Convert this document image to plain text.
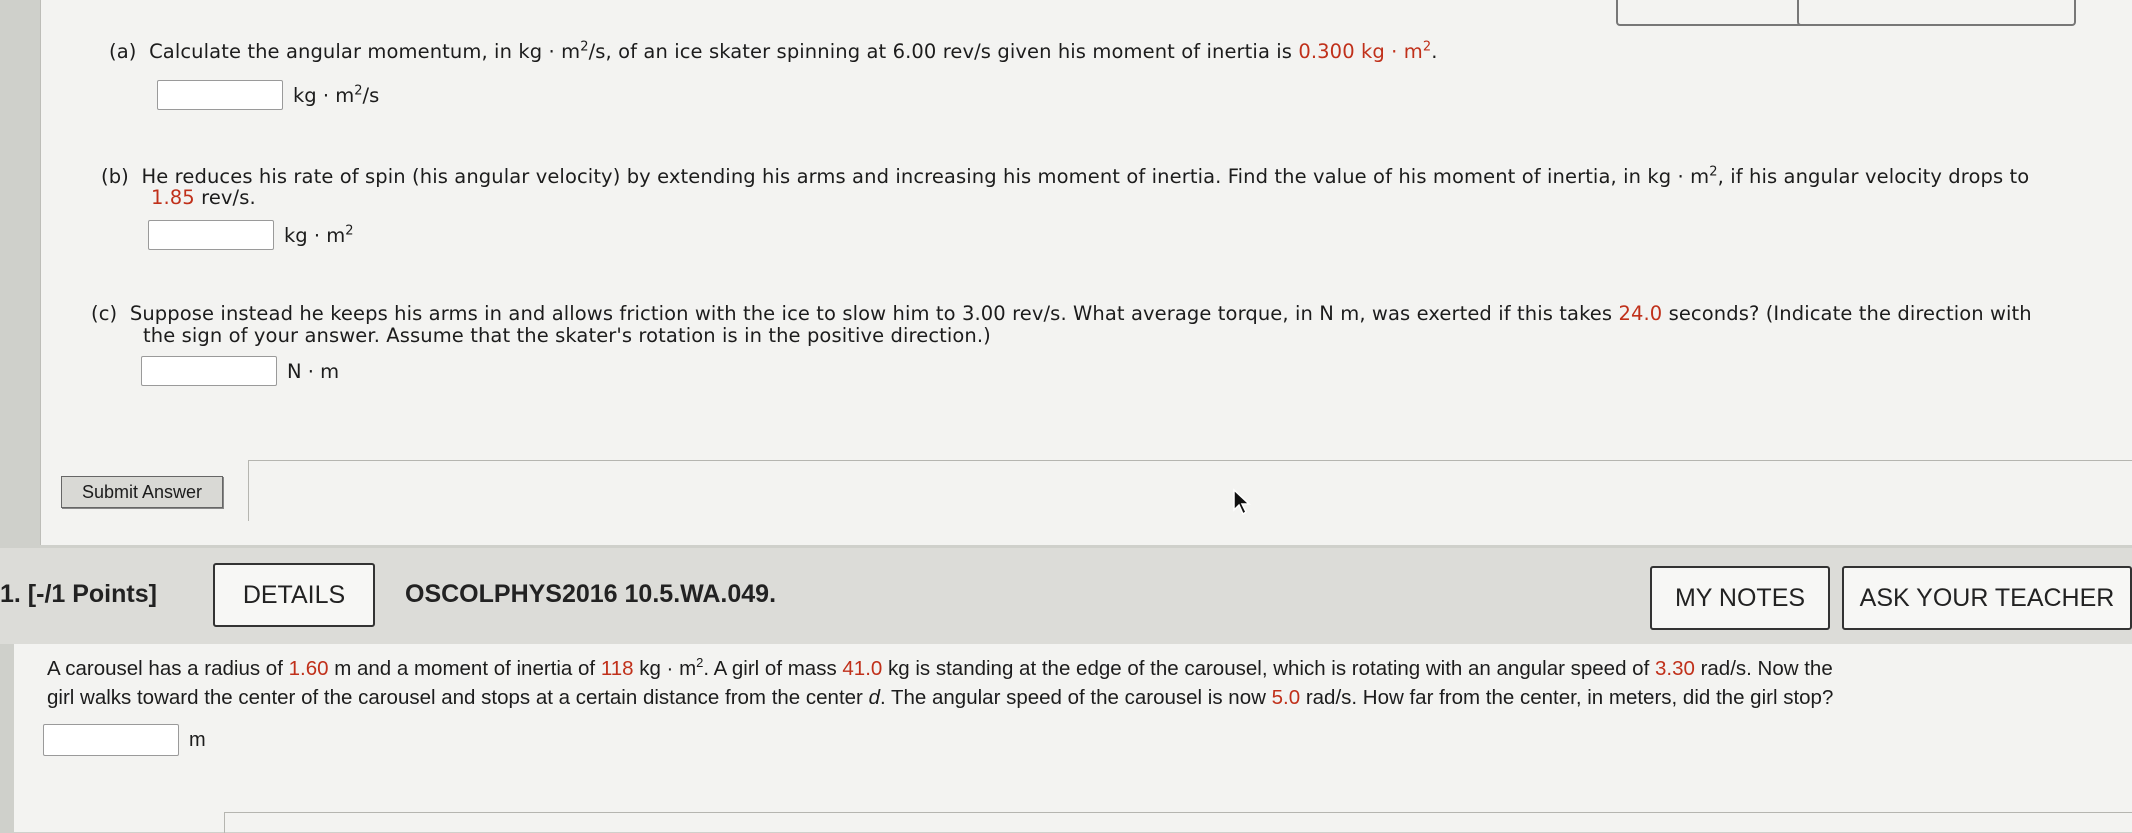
(a) Calculate the angular momentum, in kg · $m^2/s$, of an ice skater spinning at 6.00 rev/s given his moment of inertia is 0.300 kg · $m^2$.
kg · $m^2/s$
(b) He reduces his rate of spin (his angular velocity) by extending his arms and increasing his moment of inertia. Find the value of his moment of inertia, in kg · $m^2$, if his angular velocity drops to
1.85 rev/s.
kg · $m^2$
(c) Suppose instead he keeps his arms in and allows friction with the ice to slow him to 3.00 rev/s. What average torque, in N m, was exerted if this takes 24.0 seconds? (Indicate the direction with
the sign of your answer. Assume that the skater's rotation is in the positive direction.)
N · m
Submit Answer
1. [-/1 Points]	DETAILS	OSCOLPHYS2016 10.5.WA.049.	MY NOTES	ASK YOUR TEACHER
A carousel has a radius of 1.60 m and a moment of inertia of 118 kg · $m^2$. A girl of mass 41.0 kg is standing at the edge of the carousel, which is rotating with an angular speed of 3.30 rad/s. Now the
girl walks toward the center of the carousel and stops at a certain distance from the center d. The angular speed of the carousel is now 5.0 rad/s. How far from the center, in meters, did the girl stop?
m
